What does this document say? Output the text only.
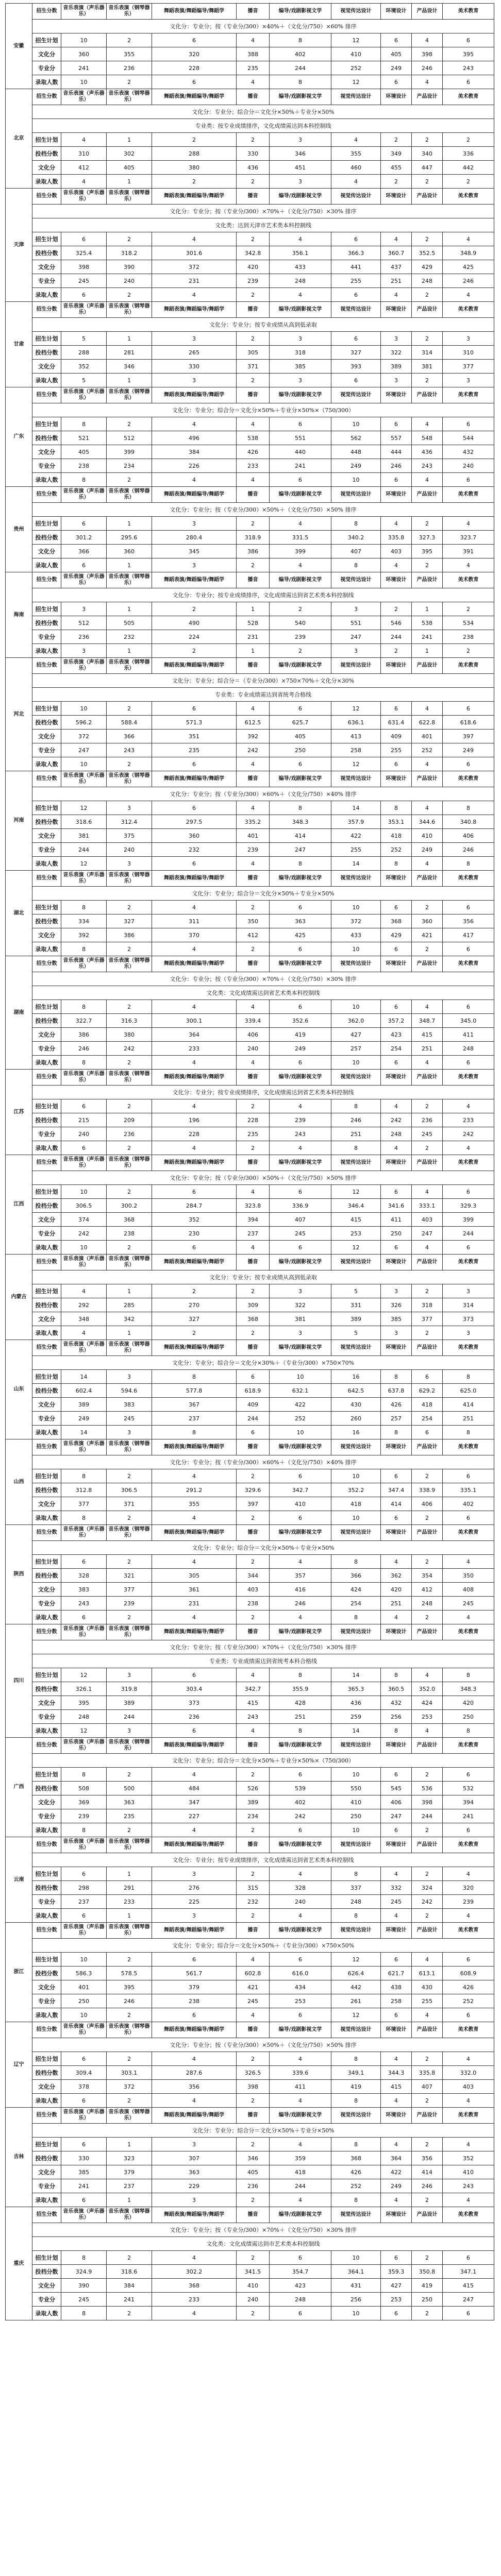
安徽	招生分数	音乐表演（声乐器乐）	音乐表演（钢琴器乐）	舞蹈表演/舞蹈编导/舞蹈学	播音	编导/戏剧影视文学	视觉传达设计	环境设计	产品设计	美术教育
	文化分：专业分；按（专业分/300）×40%＋（文化分/750）×60% 排序									
	招生计划	10	2	6	4	8	12	6	4	6
	文化分	360	355	320	388	402	410	405	398	395
	专业分	241	236	228	235	244	252	249	246	243
	录取人数	10	2	6	4	8	12	6	4	6
北京	招生分数	音乐表演（声乐器乐）	音乐表演（钢琴器乐）	舞蹈表演/舞蹈编导/舞蹈学	播音	编导/戏剧影视文学	视觉传达设计	环境设计	产品设计	美术教育
	文化分：专业分；综合分＝文化分×50%＋专业分×50%									
	专业类：按专业成绩排序，文化成绩需达到本科控制线									
	招生计划	4	1	2	2	3	4	2	2	2
	投档分数	310	302	288	330	346	355	349	340	336
	文化分	412	405	380	436	451	460	455	447	442
	录取人数	4	1	2	2	3	4	2	2	2
天津	招生分数	音乐表演（声乐器乐）	音乐表演（钢琴器乐）	舞蹈表演/舞蹈编导/舞蹈学	播音	编导/戏剧影视文学	视觉传达设计	环境设计	产品设计	美术教育
	文化分：专业分；按（专业分/300）×70%＋（文化分/750）×30% 排序									
	文化类：达到天津市艺术类本科控制线									
	招生计划	6	2	4	2	4	6	4	2	4
	投档分数	325.4	318.2	301.6	342.8	356.1	366.3	360.7	352.5	348.9
	文化分	398	390	372	420	433	441	437	429	425
	专业分	245	240	231	239	248	255	251	248	246
	录取人数	6	2	4	2	4	6	4	2	4
甘肃	招生分数	音乐表演（声乐器乐）	音乐表演（钢琴器乐）	舞蹈表演/舞蹈编导/舞蹈学	播音	编导/戏剧影视文学	视觉传达设计	环境设计	产品设计	美术教育
	文化分：专业分；按专业成绩从高到低录取									
	招生计划	5	1	3	2	3	6	3	2	3
	投档分数	288	281	265	305	318	327	322	314	310
	文化分	352	346	330	371	385	393	389	381	377
	录取人数	5	1	3	2	3	6	3	2	3
广东	招生分数	音乐表演（声乐器乐）	音乐表演（钢琴器乐）	舞蹈表演/舞蹈编导/舞蹈学	播音	编导/戏剧影视文学	视觉传达设计	环境设计	产品设计	美术教育
	文化分：专业分；综合分＝文化分×50%＋专业分×50%×（750/300）									
	招生计划	8	2	4	4	6	10	6	4	6
	投档分数	521	512	496	538	551	562	557	548	544
	文化分	405	399	384	426	440	448	444	436	432
	专业分	238	234	226	233	241	249	246	243	240
	录取人数	8	2	4	4	6	10	6	4	6
贵州	招生分数	音乐表演（声乐器乐）	音乐表演（钢琴器乐）	舞蹈表演/舞蹈编导/舞蹈学	播音	编导/戏剧影视文学	视觉传达设计	环境设计	产品设计	美术教育
	文化分：专业分；按（专业分/300）×50%＋（文化分/750）×50% 排序									
	招生计划	6	1	3	2	4	8	4	2	4
	投档分数	301.2	295.6	280.4	318.9	331.5	340.2	335.8	327.3	323.7
	文化分	366	360	345	386	399	407	403	395	391
	录取人数	6	1	3	2	4	8	4	2	4
海南	招生分数	音乐表演（声乐器乐）	音乐表演（钢琴器乐）	舞蹈表演/舞蹈编导/舞蹈学	播音	编导/戏剧影视文学	视觉传达设计	环境设计	产品设计	美术教育
	文化分：专业分；按专业成绩排序，文化成绩需达到省艺术类本科控制线									
	招生计划	3	1	2	1	2	3	2	1	2
	投档分数	512	505	490	528	540	551	546	538	534
	专业分	236	232	224	231	239	247	244	241	238
	录取人数	3	1	2	1	2	3	2	1	2
河北	招生分数	音乐表演（声乐器乐）	音乐表演（钢琴器乐）	舞蹈表演/舞蹈编导/舞蹈学	播音	编导/戏剧影视文学	视觉传达设计	环境设计	产品设计	美术教育
	文化分：专业分；综合分＝（专业分/300）×750×70%＋文化分×30%									
	专业类：专业成绩需达到省统考合格线									
	招生计划	10	2	6	4	6	12	6	4	6
	投档分数	596.2	588.4	571.3	612.5	625.7	636.1	631.4	622.8	618.6
	文化分	372	366	351	392	405	413	409	401	397
	专业分	247	243	235	242	250	258	255	252	249
	录取人数	10	2	6	4	6	12	6	4	6
河南	招生分数	音乐表演（声乐器乐）	音乐表演（钢琴器乐）	舞蹈表演/舞蹈编导/舞蹈学	播音	编导/戏剧影视文学	视觉传达设计	环境设计	产品设计	美术教育
	文化分：专业分；按（专业分/300）×60%＋（文化分/750）×40% 排序									
	招生计划	12	3	6	4	8	14	8	4	8
	投档分数	318.6	312.4	297.5	335.2	348.3	357.9	353.1	344.6	340.8
	文化分	381	375	360	401	414	422	418	410	406
	专业分	244	240	232	239	247	255	252	249	246
	录取人数	12	3	6	4	8	14	8	4	8
湖北	招生分数	音乐表演（声乐器乐）	音乐表演（钢琴器乐）	舞蹈表演/舞蹈编导/舞蹈学	播音	编导/戏剧影视文学	视觉传达设计	环境设计	产品设计	美术教育
	文化分：专业分；综合分＝文化分×50%＋专业分×50%									
	招生计划	8	2	4	2	6	10	6	2	6
	投档分数	334	327	311	350	363	372	368	360	356
	文化分	392	386	370	412	425	433	429	421	417
	录取人数	8	2	4	2	6	10	6	2	6
湖南	招生分数	音乐表演（声乐器乐）	音乐表演（钢琴器乐）	舞蹈表演/舞蹈编导/舞蹈学	播音	编导/戏剧影视文学	视觉传达设计	环境设计	产品设计	美术教育
	文化分：专业分；按（专业分/300）×70%＋（文化分/750）×30% 排序									
	文化类：文化成绩需达到省艺术类本科控制线									
	招生计划	8	2	4	4	6	10	6	4	6
	投档分数	322.7	316.3	300.1	339.4	352.6	362.0	357.2	348.7	345.0
	文化分	386	380	364	406	419	427	423	415	411
	专业分	246	242	233	240	249	257	254	251	248
	录取人数	8	2	4	4	6	10	6	4	6
江苏	招生分数	音乐表演（声乐器乐）	音乐表演（钢琴器乐）	舞蹈表演/舞蹈编导/舞蹈学	播音	编导/戏剧影视文学	视觉传达设计	环境设计	产品设计	美术教育
	文化分：专业分；按专业成绩排序，文化成绩需达到省艺术类本科控制线									
	招生计划	6	2	4	2	4	8	4	2	4
	投档分数	215	209	196	228	239	246	242	236	233
	专业分	240	236	228	235	243	251	248	245	242
	录取人数	6	2	4	2	4	8	4	2	4
江西	招生分数	音乐表演（声乐器乐）	音乐表演（钢琴器乐）	舞蹈表演/舞蹈编导/舞蹈学	播音	编导/戏剧影视文学	视觉传达设计	环境设计	产品设计	美术教育
	文化分：专业分；按（专业分/300）×50%＋（文化分/750）×50% 排序									
	招生计划	10	2	6	4	6	12	6	4	6
	投档分数	306.5	300.2	284.7	323.8	336.9	346.4	341.6	333.1	329.3
	文化分	374	368	352	394	407	415	411	403	399
	专业分	242	238	230	237	245	253	250	247	244
	录取人数	10	2	6	4	6	12	6	4	6
内蒙古	招生分数	音乐表演（声乐器乐）	音乐表演（钢琴器乐）	舞蹈表演/舞蹈编导/舞蹈学	播音	编导/戏剧影视文学	视觉传达设计	环境设计	产品设计	美术教育
	文化分：专业分；按专业成绩从高到低录取									
	招生计划	4	1	2	2	3	5	3	2	3
	投档分数	292	285	270	309	322	331	326	318	314
	文化分	348	342	327	368	381	389	385	377	373
	录取人数	4	1	2	2	3	5	3	2	3
山东	招生分数	音乐表演（声乐器乐）	音乐表演（钢琴器乐）	舞蹈表演/舞蹈编导/舞蹈学	播音	编导/戏剧影视文学	视觉传达设计	环境设计	产品设计	美术教育
	文化分：专业分；综合分＝文化分×30%＋（专业分/300）×750×70%									
	招生计划	14	3	8	6	10	16	8	6	8
	投档分数	602.4	594.6	577.8	618.9	632.1	642.5	637.8	629.2	625.0
	文化分	389	383	367	409	422	430	426	418	414
	专业分	249	245	237	244	252	260	257	254	251
	录取人数	14	3	8	6	10	16	8	6	8
山西	招生分数	音乐表演（声乐器乐）	音乐表演（钢琴器乐）	舞蹈表演/舞蹈编导/舞蹈学	播音	编导/戏剧影视文学	视觉传达设计	环境设计	产品设计	美术教育
	文化分：专业分；按（专业分/300）×60%＋（文化分/750）×40% 排序									
	招生计划	8	2	4	2	6	10	6	2	6
	投档分数	312.8	306.5	291.2	329.6	342.7	352.2	347.4	338.9	335.1
	文化分	377	371	355	397	410	418	414	406	402
	录取人数	8	2	4	2	6	10	6	2	6
陕西	招生分数	音乐表演（声乐器乐）	音乐表演（钢琴器乐）	舞蹈表演/舞蹈编导/舞蹈学	播音	编导/戏剧影视文学	视觉传达设计	环境设计	产品设计	美术教育
	文化分：专业分；综合分＝文化分×50%＋专业分×50%									
	招生计划	6	2	4	2	4	8	4	2	4
	投档分数	328	321	305	344	357	366	362	354	350
	文化分	383	377	361	403	416	424	420	412	408
	专业分	243	239	231	238	246	254	251	248	245
	录取人数	6	2	4	2	4	8	4	2	4
四川	招生分数	音乐表演（声乐器乐）	音乐表演（钢琴器乐）	舞蹈表演/舞蹈编导/舞蹈学	播音	编导/戏剧影视文学	视觉传达设计	环境设计	产品设计	美术教育
	文化分：专业分；按（专业分/300）×70%＋（文化分/750）×30% 排序									
	专业类：专业成绩需达到省统考本科合格线									
	招生计划	12	3	6	4	8	14	8	4	8
	投档分数	326.1	319.8	303.4	342.7	355.9	365.3	360.5	352.0	348.3
	文化分	395	389	373	415	428	436	432	424	420
	专业分	248	244	236	243	251	259	256	253	250
	录取人数	12	3	6	4	8	14	8	4	8
广西	招生分数	音乐表演（声乐器乐）	音乐表演（钢琴器乐）	舞蹈表演/舞蹈编导/舞蹈学	播音	编导/戏剧影视文学	视觉传达设计	环境设计	产品设计	美术教育
	文化分：专业分；综合分＝文化分×50%＋专业分×50%×（750/300）									
	招生计划	8	2	4	2	6	10	6	2	6
	投档分数	508	500	484	526	539	550	545	536	532
	文化分	369	363	347	389	402	410	406	398	394
	专业分	239	235	227	234	242	250	247	244	241
	录取人数	8	2	4	2	6	10	6	2	6
云南	招生分数	音乐表演（声乐器乐）	音乐表演（钢琴器乐）	舞蹈表演/舞蹈编导/舞蹈学	播音	编导/戏剧影视文学	视觉传达设计	环境设计	产品设计	美术教育
	文化分：专业分；按专业成绩排序，文化成绩需达到省艺术类本科控制线									
	招生计划	6	1	3	2	4	8	4	2	4
	投档分数	298	291	276	315	328	337	332	324	320
	专业分	237	233	225	232	240	248	245	242	239
	录取人数	6	1	3	2	4	8	4	2	4
浙江	招生分数	音乐表演（声乐器乐）	音乐表演（钢琴器乐）	舞蹈表演/舞蹈编导/舞蹈学	播音	编导/戏剧影视文学	视觉传达设计	环境设计	产品设计	美术教育
	文化分：专业分；综合分＝文化分×50%＋（专业分/300）×750×50%									
	招生计划	10	2	6	4	6	12	6	4	6
	投档分数	586.3	578.5	561.7	602.8	616.0	626.4	621.7	613.1	608.9
	文化分	401	395	379	421	434	442	438	430	426
	专业分	250	246	238	245	253	261	258	255	252
	录取人数	10	2	6	4	6	12	6	4	6
辽宁	招生分数	音乐表演（声乐器乐）	音乐表演（钢琴器乐）	舞蹈表演/舞蹈编导/舞蹈学	播音	编导/戏剧影视文学	视觉传达设计	环境设计	产品设计	美术教育
	文化分：专业分；按（专业分/300）×50%＋（文化分/750）×50% 排序									
	招生计划	6	2	4	2	4	8	4	2	4
	投档分数	309.4	303.1	287.6	326.5	339.6	349.1	344.3	335.8	332.0
	文化分	378	372	356	398	411	419	415	407	403
	录取人数	6	2	4	2	4	8	4	2	4
吉林	招生分数	音乐表演（声乐器乐）	音乐表演（钢琴器乐）	舞蹈表演/舞蹈编导/舞蹈学	播音	编导/戏剧影视文学	视觉传达设计	环境设计	产品设计	美术教育
	文化分：专业分；综合分＝文化分×50%＋专业分×50%									
	招生计划	6	1	3	2	4	8	4	2	4
	投档分数	330	323	307	346	359	368	364	356	352
	文化分	385	379	363	405	418	426	422	414	410
	专业分	241	237	229	236	244	252	249	246	243
	录取人数	6	1	3	2	4	8	4	2	4
重庆	招生分数	音乐表演（声乐器乐）	音乐表演（钢琴器乐）	舞蹈表演/舞蹈编导/舞蹈学	播音	编导/戏剧影视文学	视觉传达设计	环境设计	产品设计	美术教育
	文化分：专业分；按（专业分/300）×70%＋（文化分/750）×30% 排序									
	文化类：文化成绩需达到市艺术类本科控制线									
	招生计划	8	2	4	2	6	10	6	2	6
	投档分数	324.9	318.6	302.2	341.5	354.7	364.1	359.3	350.8	347.1
	文化分	390	384	368	410	423	431	427	419	415
	专业分	245	241	233	240	248	256	253	250	247
	录取人数	8	2	4	2	6	10	6	2	6
